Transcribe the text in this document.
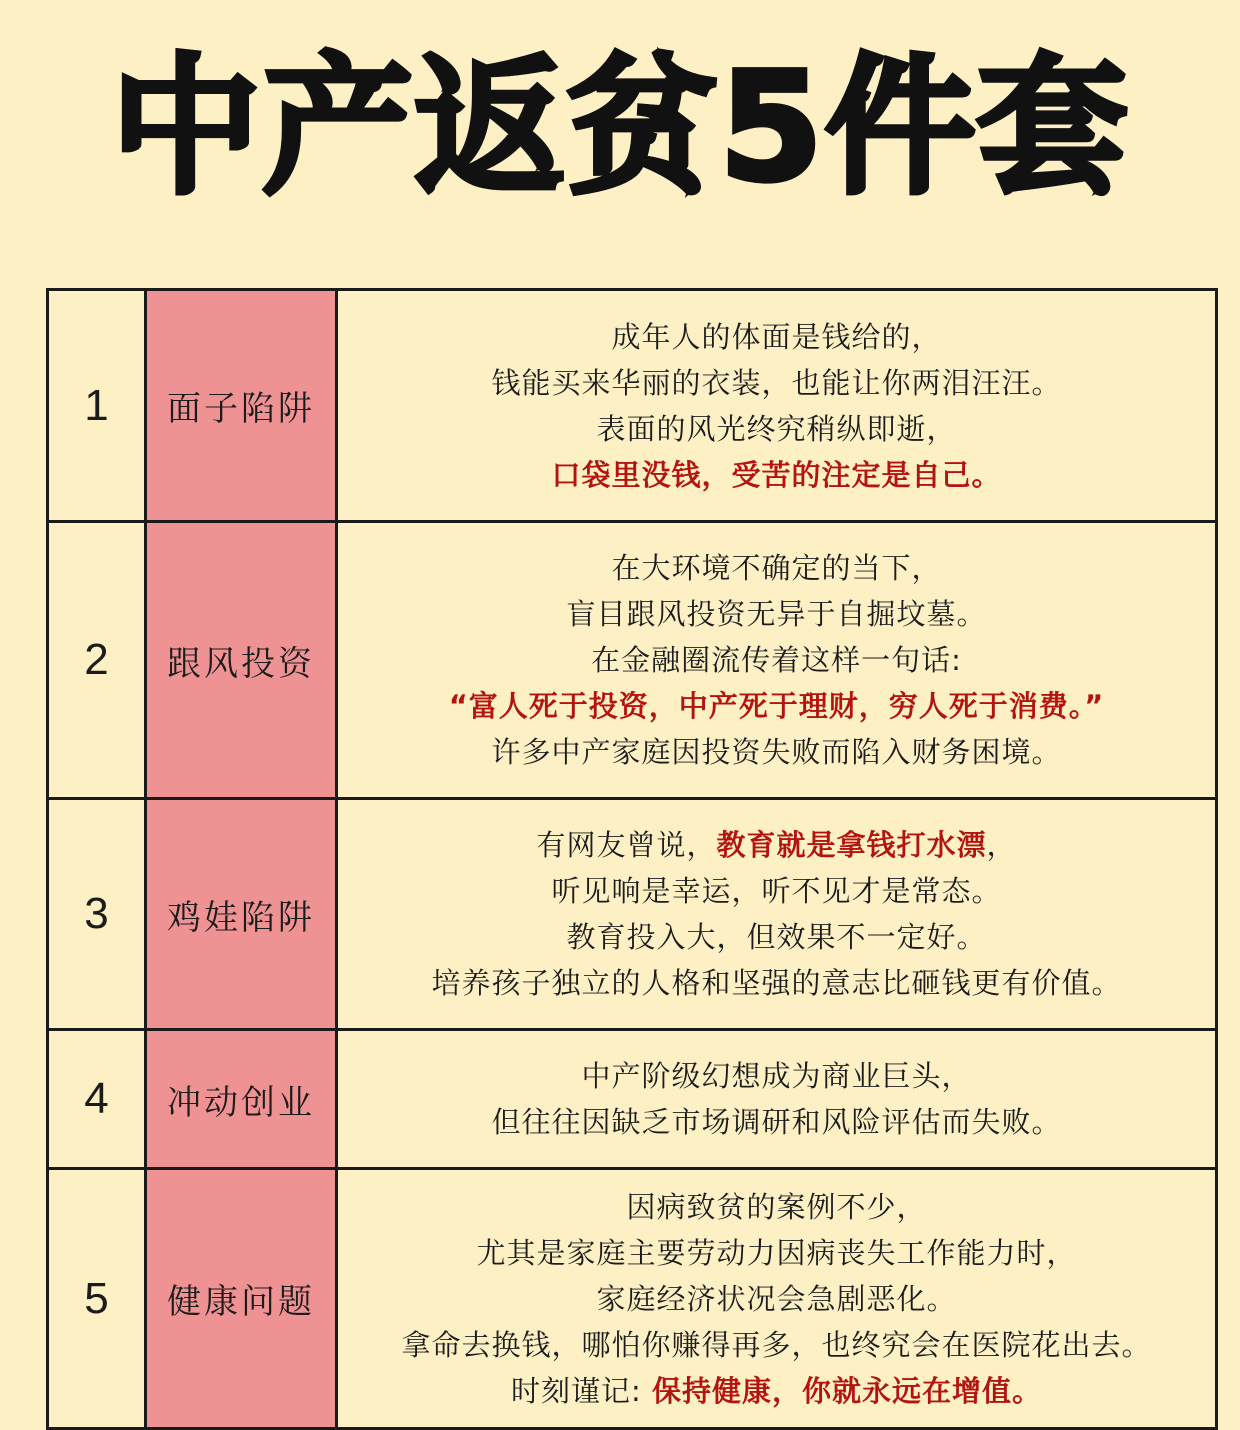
中产返贫5件套
1	面子陷阱	成年人的体面是钱给的，
钱能买来华丽的衣装，也能让你两泪汪汪。
表面的风光终究稍纵即逝，
口袋里没钱，受苦的注定是自己。

2	跟风投资	在大环境不确定的当下，
盲目跟风投资无异于自掘坟墓。
在金融圈流传着这样一句话:
“富人死于投资，中产死于理财，穷人死于消费。”
许多中产家庭因投资失败而陷入财务困境。

3	鸡娃陷阱	有网友曾说，教育就是拿钱打水漂，
听见响是幸运，听不见才是常态。
教育投入大，但效果不一定好。
培养孩子独立的人格和坚强的意志比砸钱更有价值。

4	冲动创业	中产阶级幻想成为商业巨头，
但往往因缺乏市场调研和风险评估而失败。

5	健康问题	因病致贫的案例不少，
尤其是家庭主要劳动力因病丧失工作能力时，
家庭经济状况会急剧恶化。
拿命去换钱，哪怕你赚得再多，也终究会在医院花出去。
时刻谨记: 保持健康，你就永远在增值。
